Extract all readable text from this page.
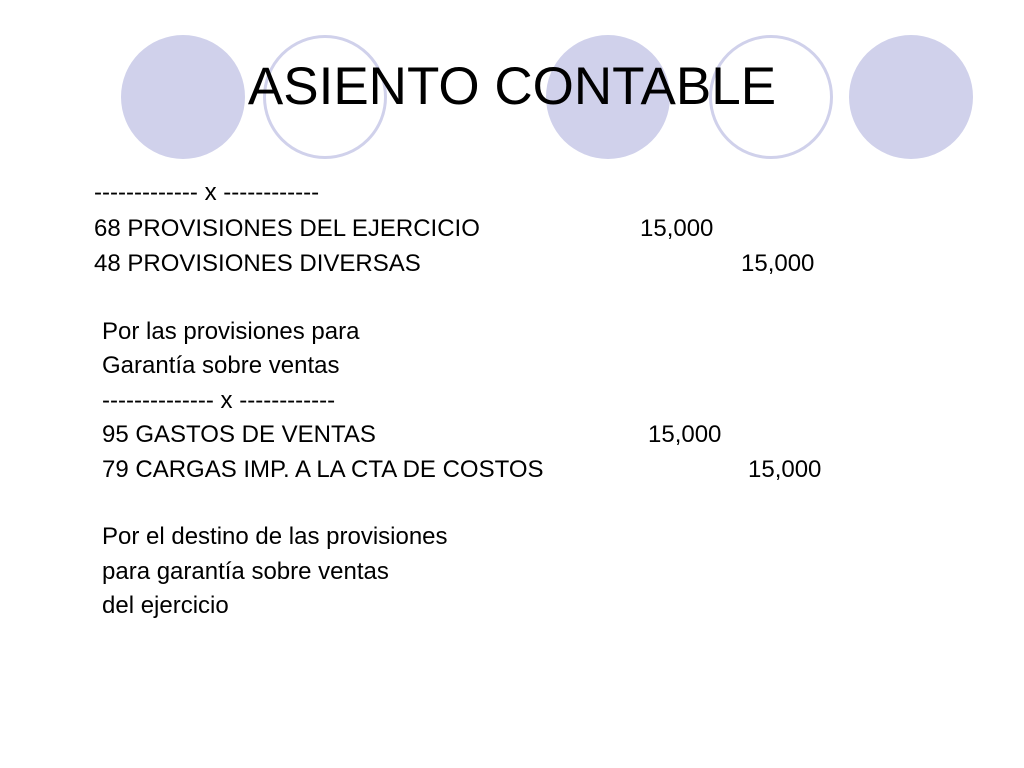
ASIENTO CONTABLE
------------- x ------------
68 PROVISIONES DEL EJERCICIO	15,000
48 PROVISIONES DIVERSAS	15,000
Por las provisiones para
Garantía sobre ventas
-------------- x ------------
95 GASTOS DE VENTAS	15,000
79 CARGAS IMP. A LA CTA DE COSTOS	15,000
Por el destino de las provisiones
para garantía sobre ventas
del ejercicio
